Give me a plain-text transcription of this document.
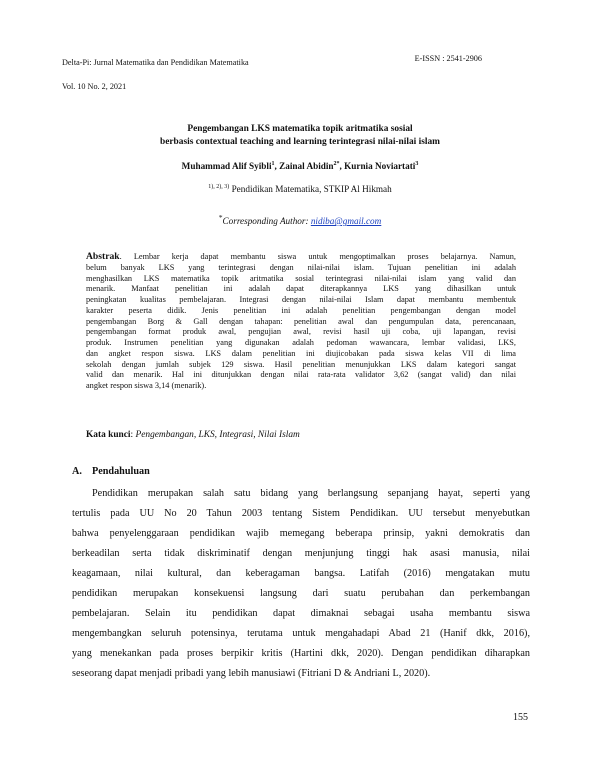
Delta-Pi: Jurnal Matematika dan Pendidikan Matematika	E-ISSN : 2541-2906
Vol. 10 No. 2, 2021
Pengembangan LKS matematika topik aritmatika sosial
berbasis contextual teaching and learning terintegrasi nilai-nilai islam
Muhammad Alif Syibli$^1$, Zainal Abidin$^{2*}$, Kurnia Noviartati$^3$
$^{1), 2), 3)}$ Pendidikan Matematika, STKIP Al Hikmah
*Corresponding Author: nidiba@gmail.com
Abstrak. Lembar kerja dapat membantu siswa untuk mengoptimalkan proses belajarnya. Namun,
belum banyak LKS yang terintegrasi dengan nilai-nilai islam. Tujuan penelitian ini adalah
menghasilkan LKS matematika topik aritmatika sosial terintegrasi nilai-nilai islam yang valid dan
menarik. Manfaat penelitian ini adalah dapat diterapkannya LKS yang dihasilkan untuk
peningkatan kualitas pembelajaran. Integrasi dengan nilai-nilai Islam dapat membantu membentuk
karakter peserta didik. Jenis penelitian ini adalah penelitian pengembangan dengan model
pengembangan Borg & Gall dengan tahapan: penelitian awal dan pengumpulan data, perencanaan,
pengembangan format produk awal, pengujian awal, revisi hasil uji coba, uji lapangan, revisi
produk. Instrumen penelitian yang digunakan adalah pedoman wawancara, lembar validasi, LKS,
dan angket respon siswa. LKS dalam penelitian ini diujicobakan pada siswa kelas VII di lima
sekolah dengan jumlah subjek 129 siswa. Hasil penelitian menunjukkan LKS dalam kategori sangat
valid dan menarik. Hal ini ditunjukkan dengan nilai rata-rata validator 3,62 (sangat valid) dan nilai
angket respon siswa 3,14 (menarik).
Kata kunci: Pengembangan, LKS, Integrasi, Nilai Islam
A. Pendahuluan
Pendidikan merupakan salah satu bidang yang berlangsung sepanjang hayat, seperti yang
tertulis pada UU No 20 Tahun 2003 tentang Sistem Pendidikan. UU tersebut menyebutkan
bahwa penyelenggaraan pendidikan wajib memegang beberapa prinsip, yakni demokratis dan
berkeadilan serta tidak diskriminatif dengan menjunjung tinggi hak asasi manusia, nilai
keagamaan, nilai kultural, dan keberagaman bangsa. Latifah (2016) mengatakan mutu
pendidikan merupakan konsekuensi langsung dari suatu perubahan dan perkembangan
pembelajaran. Selain itu pendidikan dapat dimaknai sebagai usaha membantu siswa
mengembangkan seluruh potensinya, terutama untuk mengahadapi Abad 21 (Hanif dkk, 2016),
yang menekankan pada proses berpikir kritis (Hartini dkk, 2020). Dengan pendidikan diharapkan
seseorang dapat menjadi pribadi yang lebih manusiawi (Fitriani D & Andriani L, 2020).
155
